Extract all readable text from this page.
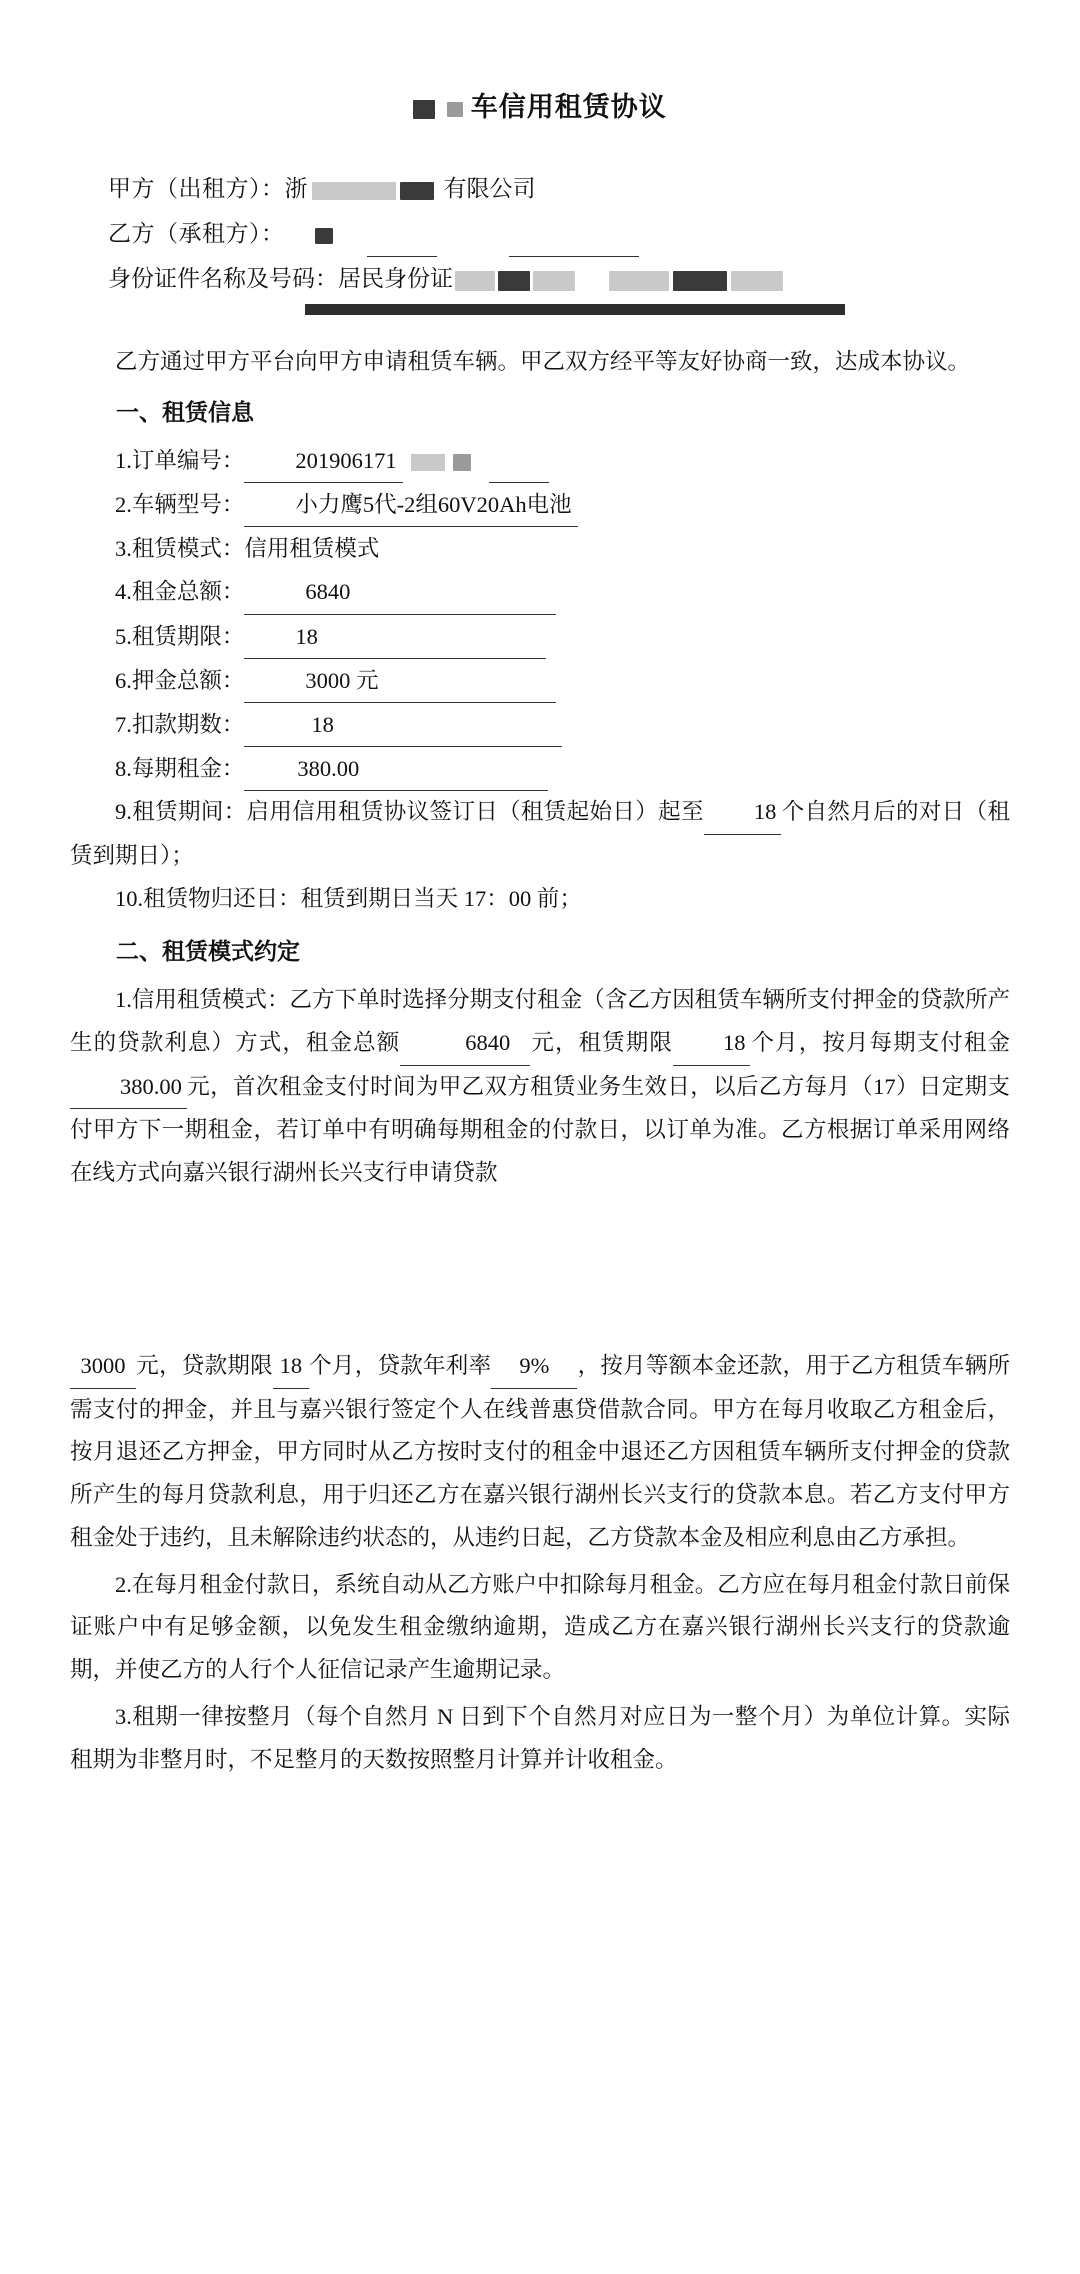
车信用租赁协议
甲方（出租方）：浙	有限公司
乙方（承租方）：
身份证件名称及号码：居民身份证

乙方通过甲方平台向甲方申请租赁车辆。甲乙双方经平等友好协商一致，达成本协议。

一、租赁信息
1.订单编号： 201906171
2.车辆型号： 小力鹰5代-2组60V20Ah电池
3.租赁模式：信用租赁模式
4.租金总额：	6840
5.租赁期限： 18
6.押金总额：	3000 元
7.扣款期数：	18
8.每期租金： 380.00
9.租赁期间：启用信用租赁协议签订日（租赁起始日）起至 18 个自然月后的对日（租赁到期日）；
10.租赁物归还日：租赁到期日当天 17：00 前；
二、租赁模式约定
1.信用租赁模式：乙方下单时选择分期支付租金（含乙方因租赁车辆所支付押金的贷款所产生的贷款利息）方式，租金总额	6840 元，租赁期限 18 个月，按月每期支付租金380.00 元，首次租金支付时间为甲乙双方租赁业务生效日，以后乙方每月（17）日定期支付甲方下一期租金，若订单中有明确每期租金的付款日，以订单为准。乙方根据订单采用网络在线方式向嘉兴银行湖州长兴支行申请贷款

3000 元，贷款期限 18 个月，贷款年利率 9% ，按月等额本金还款，用于乙方租赁车辆所需支付的押金，并且与嘉兴银行签定个人在线普惠贷借款合同。甲方在每月收取乙方租金后，按月退还乙方押金，甲方同时从乙方按时支付的租金中退还乙方因租赁车辆所支付押金的贷款所产生的每月贷款利息，用于归还乙方在嘉兴银行湖州长兴支行的贷款本息。若乙方支付甲方租金处于违约，且未解除违约状态的，从违约日起，乙方贷款本金及相应利息由乙方承担。

2.在每月租金付款日，系统自动从乙方账户中扣除每月租金。乙方应在每月租金付款日前保证账户中有足够金额，以免发生租金缴纳逾期，造成乙方在嘉兴银行湖州长兴支行的贷款逾期，并使乙方的人行个人征信记录产生逾期记录。

3.租期一律按整月（每个自然月 N 日到下个自然月对应日为一整个月）为单位计算。实际租期为非整月时，不足整月的天数按照整月计算并计收租金。
